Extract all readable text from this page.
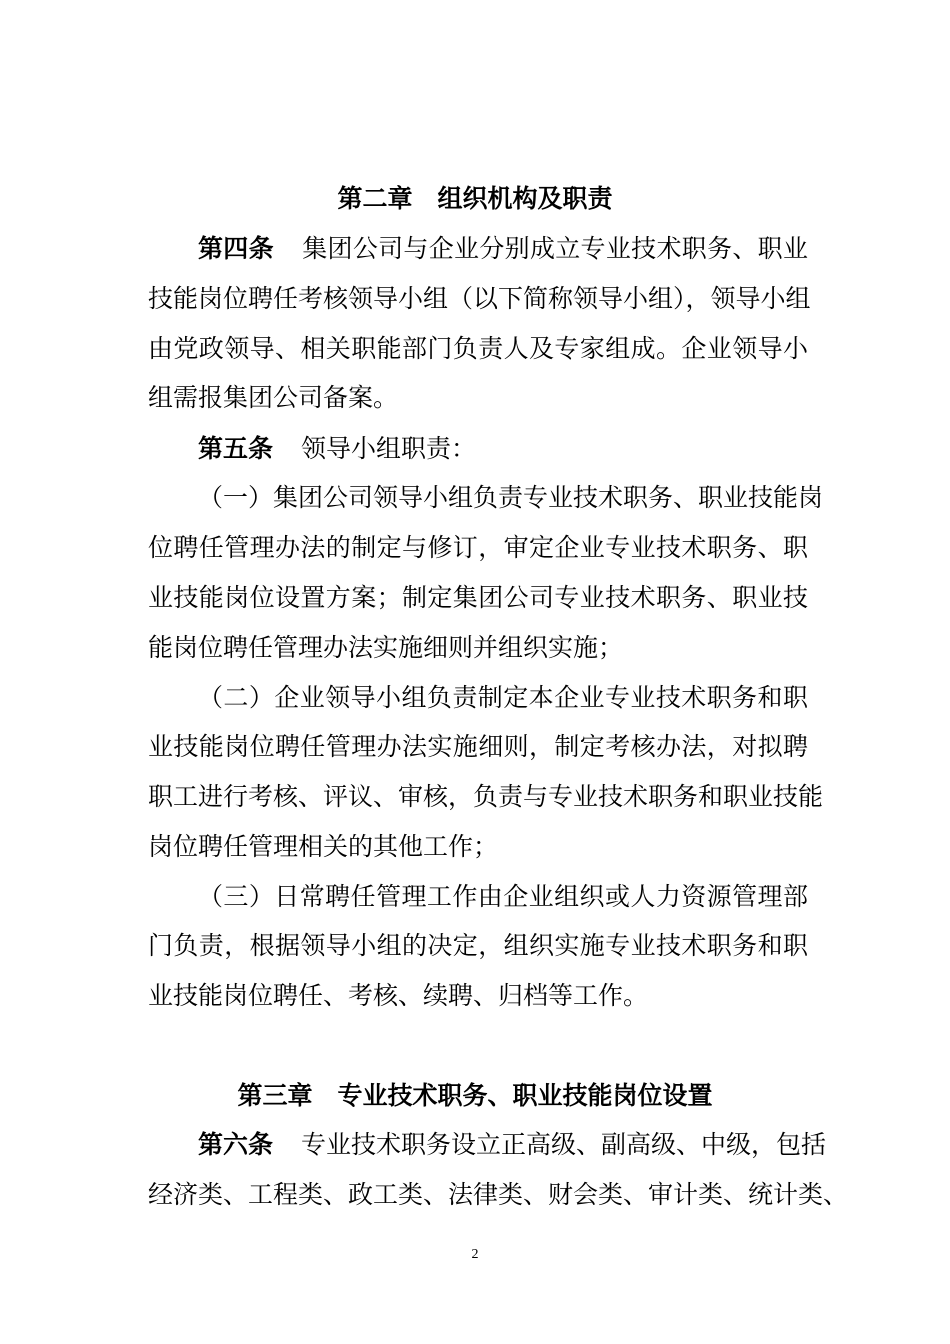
第二章　组织机构及职责
第四条 集团公司与企业分别成立专业技术职务、职业
技能岗位聘任考核领导小组（以下简称领导小组），领导小组
由党政领导、相关职能部门负责人及专家组成。企业领导小
组需报集团公司备案。
第五条 领导小组职责：
（一）集团公司领导小组负责专业技术职务、职业技能岗
位聘任管理办法的制定与修订，审定企业专业技术职务、职
业技能岗位设置方案；制定集团公司专业技术职务、职业技
能岗位聘任管理办法实施细则并组织实施；
（二）企业领导小组负责制定本企业专业技术职务和职
业技能岗位聘任管理办法实施细则，制定考核办法，对拟聘
职工进行考核、评议、审核，负责与专业技术职务和职业技能
岗位聘任管理相关的其他工作；
（三）日常聘任管理工作由企业组织或人力资源管理部
门负责，根据领导小组的决定，组织实施专业技术职务和职
业技能岗位聘任、考核、续聘、归档等工作。
第三章　专业技术职务、职业技能岗位设置
第六条 专业技术职务设立正高级、副高级、中级，包括
经济类、工程类、政工类、法律类、财会类、审计类、统计类、
2
